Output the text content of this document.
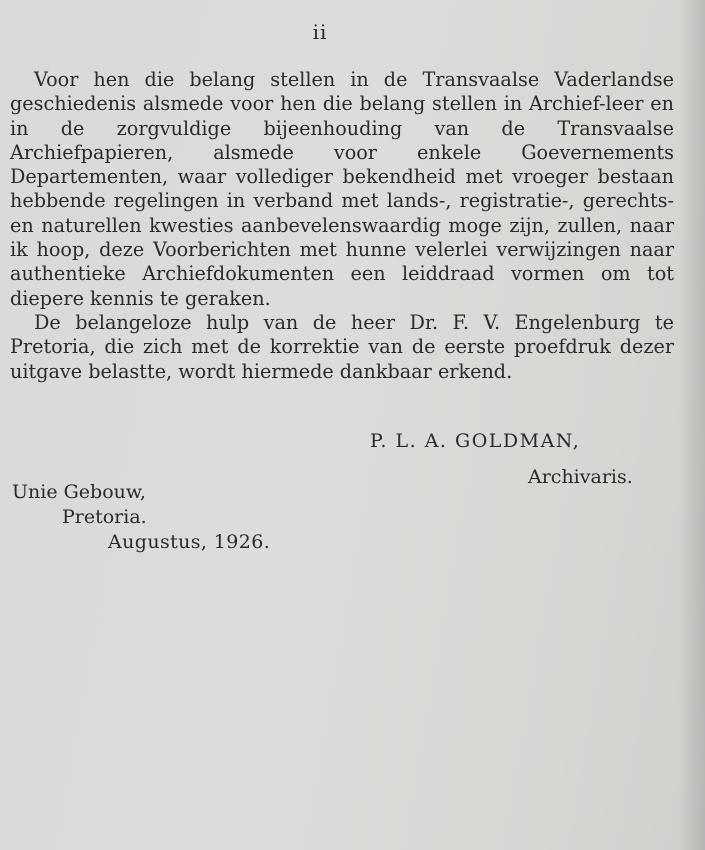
ii

Voor hen die belang stellen in de Transvaalse Vaderlandse geschiedenis alsmede voor hen die belang stellen in Archief-leer en in de zorgvuldige bijeenhouding van de Transvaalse Archiefpapieren, alsmede voor enkele Goevernements Departementen, waar vollediger bekendheid met vroeger bestaan hebbende regelingen in verband met lands-, registratie-, gerechts- en naturellen kwesties aanbevelenswaardig moge zijn, zullen, naar ik hoop, deze Voorberichten met hunne velerlei verwijzingen naar authentieke Archiefdokumenten een leiddraad vormen om tot diepere kennis te geraken.

De belangeloze hulp van de heer Dr. F. V. Engelenburg te Pretoria, die zich met de korrektie van de eerste proefdruk dezer uitgave belastte, wordt hiermede dankbaar erkend.

P. L. A. GOLDMAN,
Archivaris.
Unie Gebouw,
Pretoria.
Augustus, 1926.
